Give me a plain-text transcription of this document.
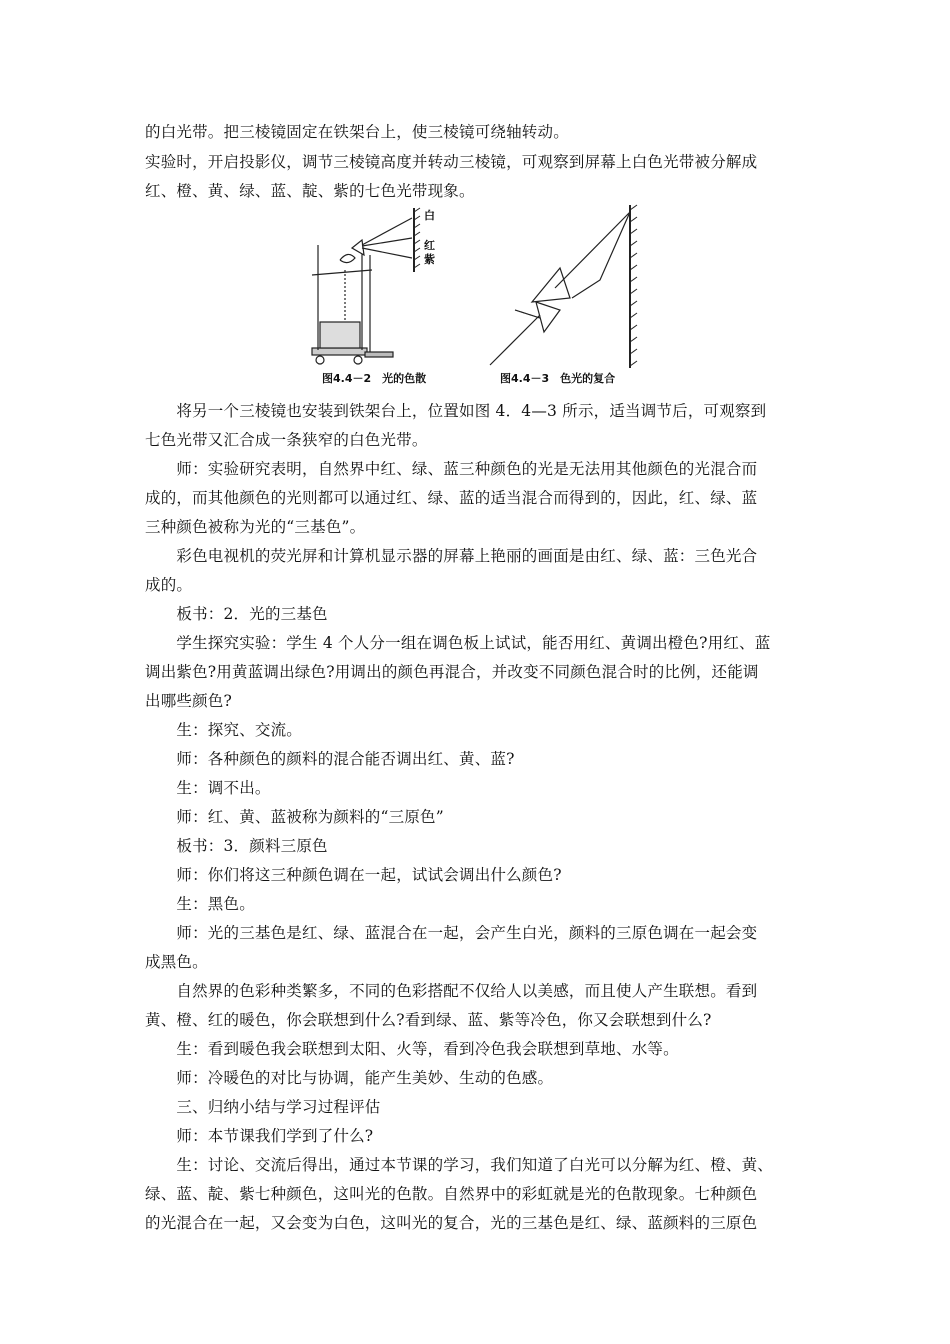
的白光带。把三棱镜固定在铁架台上，使三棱镜可绕轴转动。

实验时，开启投影仪，调节三棱镜高度并转动三棱镜，可观察到屏幕上白色光带被分解成

红、橙、黄、绿、蓝、靛、紫的七色光带现象。

白
红
紫
图4.4－2　光的色散	图4.4－3　色光的复合

　　将另一个三棱镜也安装到铁架台上，位置如图 4．4—3 所示，适当调节后，可观察到

七色光带又汇合成一条狭窄的白色光带。

　　师：实验研究表明，自然界中红、绿、蓝三种颜色的光是无法用其他颜色的光混合而

成的，而其他颜色的光则都可以通过红、绿、蓝的适当混合而得到的，因此，红、绿、蓝

三种颜色被称为光的“三基色”。

　　彩色电视机的荧光屏和计算机显示器的屏幕上艳丽的画面是由红、绿、蓝：三色光合

成的。

　　板书：2．光的三基色

　　学生探究实验：学生 4 个人分一组在调色板上试试，能否用红、黄调出橙色?用红、蓝

调出紫色?用黄蓝调出绿色?用调出的颜色再混合，并改变不同颜色混合时的比例，还能调

出哪些颜色?

　　生：探究、交流。

　　师：各种颜色的颜料的混合能否调出红、黄、蓝?

　　生：调不出。

　　师：红、黄、蓝被称为颜料的“三原色”

　　板书：3．颜料三原色

　　师：你们将这三种颜色调在一起，试试会调出什么颜色?

　　生：黑色。

　　师：光的三基色是红、绿、蓝混合在一起，会产生白光，颜料的三原色调在一起会变

成黑色。

　　自然界的色彩种类繁多，不同的色彩搭配不仅给人以美感，而且使人产生联想。看到

黄、橙、红的暖色，你会联想到什么?看到绿、蓝、紫等冷色，你又会联想到什么?

　　生：看到暖色我会联想到太阳、火等，看到冷色我会联想到草地、水等。

　　师：冷暖色的对比与协调，能产生美妙、生动的色感。

　　三、归纳小结与学习过程评估

　　师：本节课我们学到了什么?

　　生：讨论、交流后得出，通过本节课的学习，我们知道了白光可以分解为红、橙、黄、

绿、蓝、靛、紫七种颜色，这叫光的色散。自然界中的彩虹就是光的色散现象。七种颜色

的光混合在一起，又会变为白色，这叫光的复合，光的三基色是红、绿、蓝颜料的三原色
